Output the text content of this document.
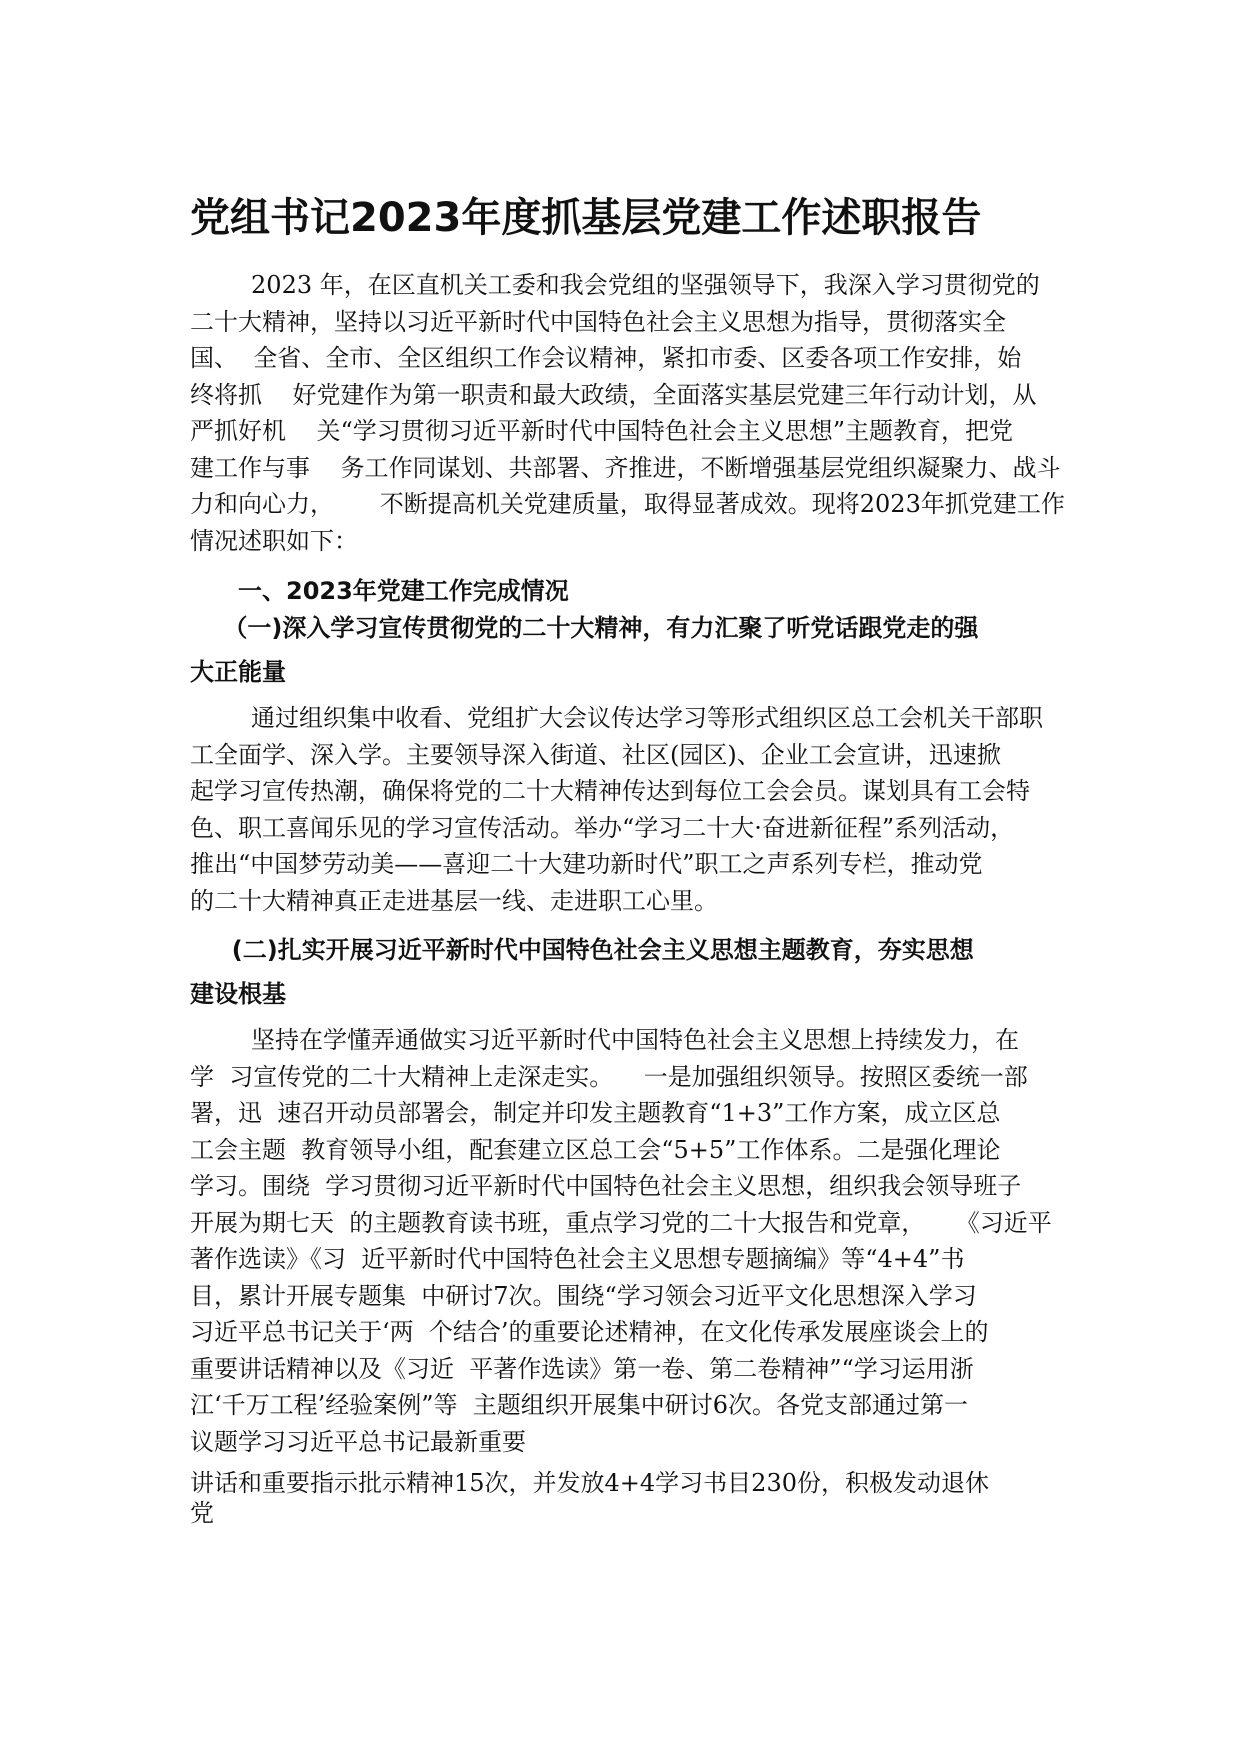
党组书记2023年度抓基层党建工作述职报告
2023 年，在区直机关工委和我会党组的坚强领导下，我深入学习贯彻党的
二十大精神，坚持以习近平新时代中国特色社会主义思想为指导，贯彻落实全
国、  全省、全市、全区组织工作会议精神，紧扣市委、区委各项工作安排，始
终将抓    好党建作为第一职责和最大政绩，全面落实基层党建三年行动计划，从
严抓好机    关“学习贯彻习近平新时代中国特色社会主义思想”主题教育，把党
建工作与事    务工作同谋划、共部署、齐推进，不断增强基层党组织凝聚力、战斗
力和向心力，      不断提高机关党建质量，取得显著成效。现将2023年抓党建工作
情况述职如下：
一、2023年党建工作完成情况
（一)深入学习宣传贯彻党的二十大精神，有力汇聚了听党话跟党走的强
大正能量
通过组织集中收看、党组扩大会议传达学习等形式组织区总工会机关干部职
工全面学、深入学。主要领导深入街道、社区(园区)、企业工会宣讲，迅速掀
起学习宣传热潮，确保将党的二十大精神传达到每位工会会员。谋划具有工会特
色、职工喜闻乐见的学习宣传活动。举办“学习二十大·奋进新征程”系列活动，
推出“中国梦劳动美——喜迎二十大建功新时代”职工之声系列专栏，推动党
的二十大精神真正走进基层一线、走进职工心里。
(二)扎实开展习近平新时代中国特色社会主义思想主题教育，夯实思想
建设根基
坚持在学懂弄通做实习近平新时代中国特色社会主义思想上持续发力，在
学  习宣传党的二十大精神上走深走实。    一是加强组织领导。按照区委统一部
署，迅  速召开动员部署会，制定并印发主题教育“1+3”工作方案，成立区总
工会主题  教育领导小组，配套建立区总工会“5+5”工作体系。二是强化理论
学习。围绕  学习贯彻习近平新时代中国特色社会主义思想，组织我会领导班子
开展为期七天  的主题教育读书班，重点学习党的二十大报告和党章，    《习近平
著作选读》《习  近平新时代中国特色社会主义思想专题摘编》等“4+4”书
目，累计开展专题集  中研讨7次。围绕“学习领会习近平文化思想深入学习
习近平总书记关于‘两  个结合’的重要论述精神，在文化传承发展座谈会上的
重要讲话精神以及《习近  平著作选读》第一卷、第二卷精神”“学习运用浙
江‘千万工程’经验案例”等  主题组织开展集中研讨6次。各党支部通过第一
议题学习习近平总书记最新重要
讲话和重要指示批示精神15次，并发放4+4学习书目230份，积极发动退休
党
